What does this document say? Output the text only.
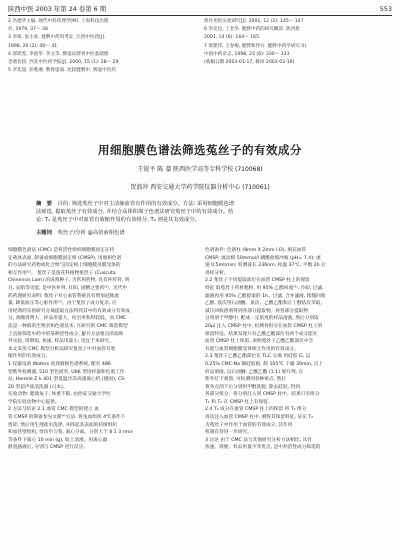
陕西中医 2003 年第 24 卷第 6 期	553
2 冯德华主编. 现代中药药理学[M]. 上海科技出版
社, 1979, 37～ 38
3 李锐. 张小欢. 健脾中药用考证. 江西中医药[J].
1998, 20 (2): 40～ 41
4 邱铁雯, 李国华. 李文等. 脾虚证脾胃中医基础理
念重比较. 西北中医药学报[J]. 2000, 15 (1): 28～ 29
5 李奕超. 彭胜湘. 脾胃虚弱. 比较健脾中. 脾虚中医药
典作用的实验研究[J]. 2001, 12 (2): 145～ 147
6 李克俭, 丁金华. 健脾中药的研究概况. 陕西新
2001, 14 (6): 164～ 165
7 梁建伟, 王春梅, 健脾和胃方. 健脾中药学研究 (I).
中国中药杂志, 1998, 23 (6): 330～ 333
(收稿日期 2003-01-17, 修回 2003-03-19)
用细胞膜色谱法筛选菟丝子的有效成分
王锐平 陈 蓁 陕西医学高等专科学校 (710068)
贺浪冲 西安交通大学药学院仪器分析中心 (710061)
摘　要 目的: 筛选菟丝子中对主动脉血管有作用的有效成分。方法: 采用细胞膜色谱
法筛选. 提取菟丝子有效成分, 并结合高体积离子色谱法研究菟丝子中的有效成分。结
论: T₁ 是菟丝子中对血管有收缩作用的有效组分, T₂ 则是其有效成分。
主题词 菟丝子/分析 @高效液相色谱
细胞膜色谱法 (CMC) 是将活性组织细胞膜固定在特
定载体表面, 制备成细胞膜固定相 (CMSP), 用液相色谱
的方法研究药物或化合物与固定相上细胞膜及膜受体的
相互作用⁽¹⁾。 菟丝子是旋花科植物菟丝子 (Cuscuta
Chinensis Lam) 的成熟种子, 为常用药物, 具有补肝肾, 明
目, 安胎等功能, 是中医补肾, 壮阳, 固精之要药⁽²⁾。近代中
药药理研究表明: 菟丝子对心血管系统具有增加冠脉流
量, 降低血压等心脏作用⁽³⁾。由于菟丝子成分复杂, 应
用经典的实验研究分离提取方法得到其中的有效成分有效成
分, 欢晚周费大、样品用量大、检出率和时较低。而 CMC
法是一种新的生物亲和色谱技术, 在研究的 CMC 筛选模型
上直接筛选中药中的某种活性成分, 避开方法要点的弱和
外实验, 周期短, 快速, 样品用量小, 适宜于本研究。
本文采用 CMC 模型分析法研究菟丝子中对血管有收
缩作用的有效成分。
1 仪器设备 Waters 高效液相色谱系统, 配有 486
型紫外检测器, 510 型色谱泵, U6K 型进样器和色谱工作
站, Hermle Z k 401 型低温冷冻高速离心机 (德国), CS-
20 型超声波清洗器 (日本)。
实验动物: 健康兔子, 体重不限, 由西安交通大学医
学院实验动物中心提供。
2 方法与结论 2.1 血管 CMC 模型的建立 血
管 CMSP 的制备参见文献⁽⁴⁾方法. 将兔血组织 4℃条件下
剪碎, 然后用生理盐水洗涤, 并除起其表面的结缔组织
和血管壁组织, 剪切至匀浆, 离心分离。分别大于 8 1 3 rmin
等条件下离心 10 min (g), 取上清液。用离心器
静置悬液后, 分别与 CMSP 进行反应。
色谱条件: 色谱柱 (8mm X 2mm I.D), 填充血管
CMSP; 流动相 50mmol/l 磷酸盐缓冲液 (pH= 7.4); 流
速 0.5ml/min; 检测波长 236nm, 柱温 37℃, 平衡 2h 后
进样分析。
2.2 菟丝子不同提取部位在血管 CMSP 柱上的保留
特征 取菟丝子药材粗粉, 用 95% 乙醇回流⁽⁵⁾, 冷却, 过滤,
滤液再用 95% 乙醇提取的 1h。过滤, 合并滤液, 浓缩回收
乙醇, 依次用石油醚、氯仿、乙酸乙酯和正丁醇依次萃取,
减压回收溶剂得到各部分提取物。将各部分提取物
分别溶于甲醇中, 配成一定浓度的样品溶液, 然后分别取
20μl 注入 CMSP 柱中, 检测各组分在血管 CMSP 柱上的
保留特征。结果发现只有乙酸乙酯部位有两个成分能在
血管 CMSP 柱上保留, 表明菟丝子乙酸乙酯部位中含
有能与血管细胞膜受体相互作用的有效成分。
2.3 菟丝子乙酸乙酯部位在 TLC 分离 用硅胶 G, 以
0.25% CMC-Na 铺硅胶板, 制 105℃ 干燥 30min, 点上
样品溶液, 以石油醚: 乙酸乙酯 (1:1) 展开剂, 在
紫外灯下观察, 可检测到各种斑点, 然后
将各点刮下后分别用甲醇洗脱, 除去硅胶, 得到
各部分组分。将分别注入到 CMSP 柱中。结果只有组分
T₁ 和 T₂ 在 CMSP 柱上有保留。
2.4 T₂ 成分在血管 CMSP 柱上的保留 将 T₂ 组分
再次注入血管 CMSP 柱中, 测得其保留特征, 证实 T₂
为菟丝子中作用于血管的有效成分, 其作用
机制有待进一步研究。
3 讨论 由于 CMC 法与其他研究分析方法相比, 具有
快速、简便、样品用量少等优点, 是中药活性成分筛选的
